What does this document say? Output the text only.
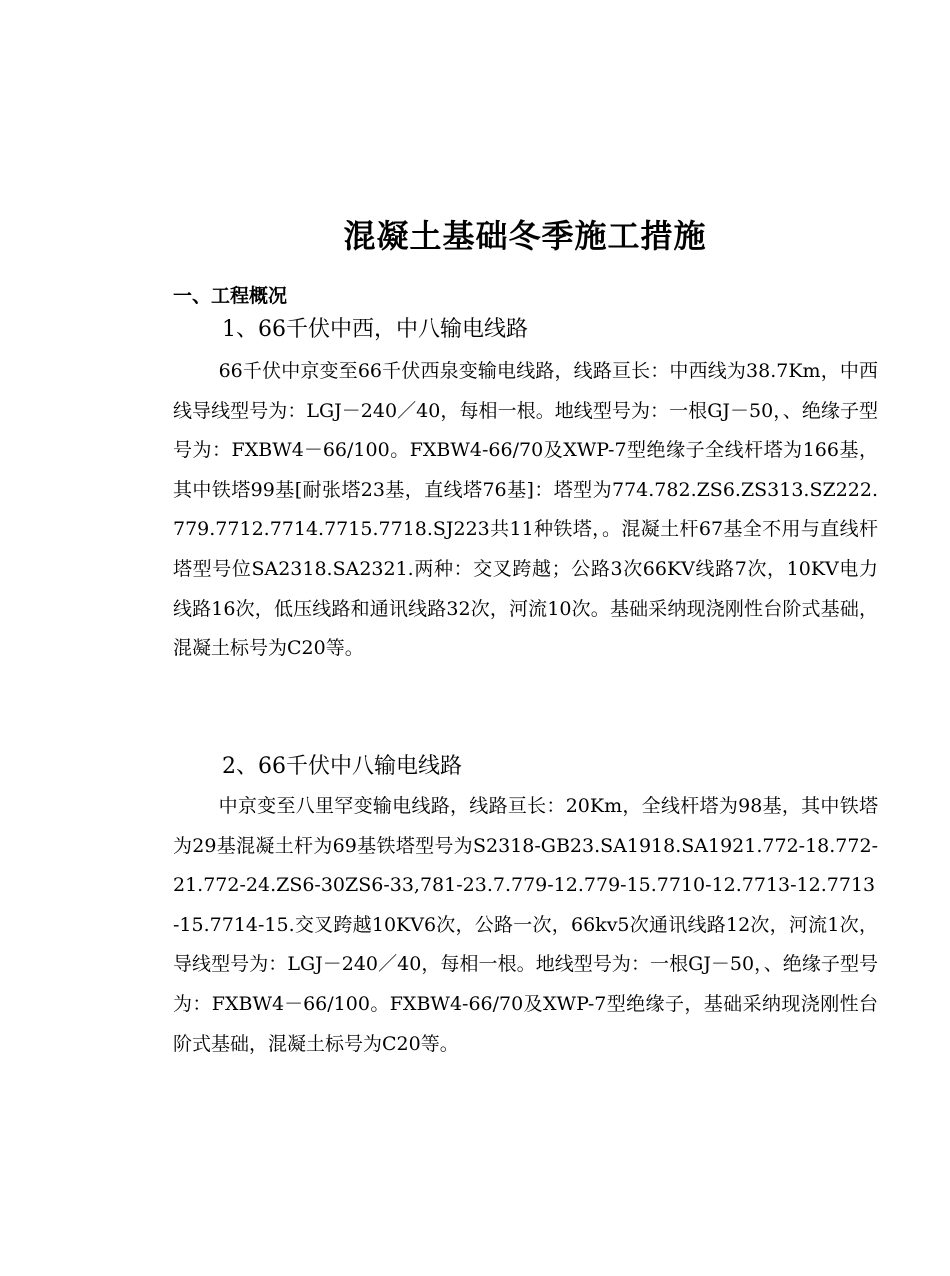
混凝土基础冬季施工措施
一、工程概况
1、66千伏中西，中八输电线路

66千伏中京变至66千伏西泉变输电线路，线路亘长：中西线为38.7Km，中西线导线型号为：LGJ－240／40，每相一根。地线型号为：一根GJ－50，、绝缘子型号为：FXBW4－66/100。FXBW4-66/70及XWP-7型绝缘子全线杆塔为166基，其中铁塔99基[耐张塔23基，直线塔76基]：塔型为774.782.ZS6.ZS313.SZ222.779.7712.7714.7715.7718.SJ223共11种铁塔，。混凝土杆67基全不用与直线杆塔型号位SA2318.SA2321.两种：交叉跨越；公路3次66KV线路7次，10KV电力线路16次，低压线路和通讯线路32次，河流10次。基础采纳现浇刚性台阶式基础，混凝土标号为C20等。

2、66千伏中八输电线路

中京变至八里罕变输电线路，线路亘长：20Km，全线杆塔为98基，其中铁塔为29基混凝土杆为69基铁塔型号为S2318-GB23.SA1918.SA1921.772-18.772-21.772-24.ZS6-30ZS6-33,781-23.7.779-12.779-15.7710-12.7713-12.7713-15.7714-15.交叉跨越10KV6次，公路一次，66kv5次通讯线路12次，河流1次，导线型号为：LGJ－240／40，每相一根。地线型号为：一根GJ－50，、绝缘子型号为：FXBW4－66/100。FXBW4-66/70及XWP-7型绝缘子，基础采纳现浇刚性台阶式基础，混凝土标号为C20等。
